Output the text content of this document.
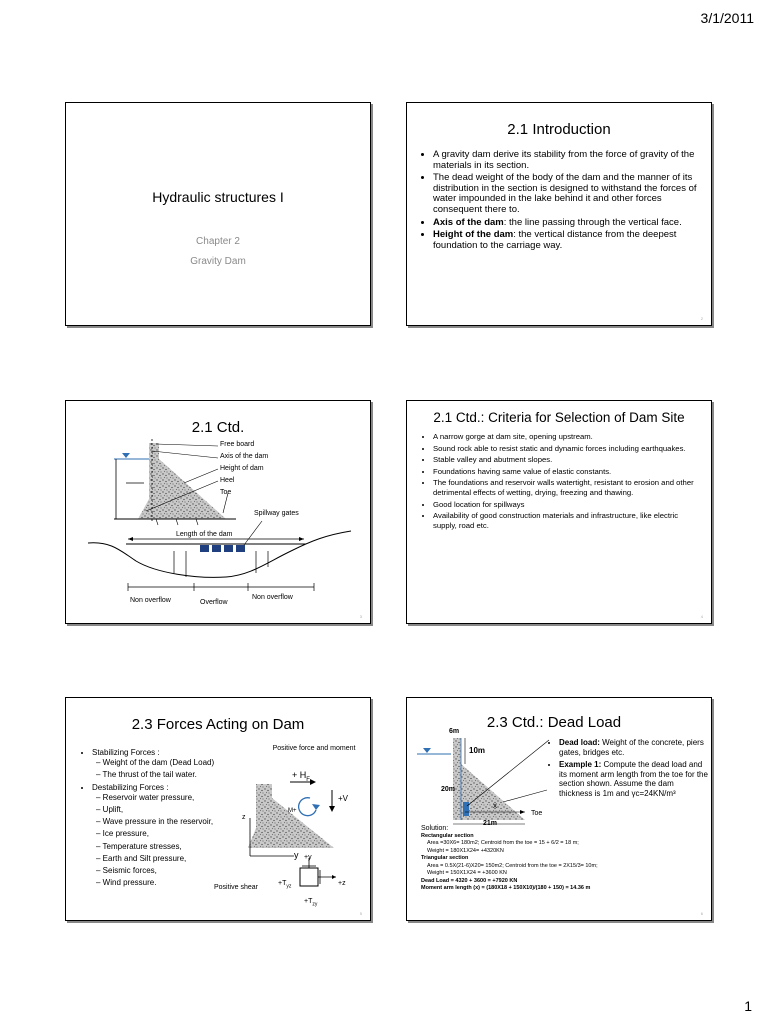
3/1/2011
Hydraulic structures I
Chapter 2
Gravity Dam
2.1 Introduction
• A gravity dam derive its stability from the force of gravity of the materials in its section.
• The dead weight of the body of the dam and the manner of its distribution in the section is designed to withstand the forces of water impounded in the lake behind it and other forces consequent there to.
• Axis of the dam: the line passing through the vertical face.
• Height of the dam: the vertical distance from the deepest foundation to the carriage way.
2
2.1 Ctd.
Free board
Axis of the dam
Height of dam
Heel
Toe
Spillway gates
Length of the dam
Non overflow	Overflow
Non overflow
3
2.1 Ctd.: Criteria for Selection of Dam Site
• A narrow gorge at dam site, opening upstream.
• Sound rock able to resist static and dynamic forces including earthquakes.
• Stable valley and abutment slopes.
• Foundations having same value of elastic constants.
• The foundations and reservoir walls watertight, resistant to erosion and other detrimental effects of wetting, drying, freezing and thawing.
• Good location for spillways
• Availability of good construction materials and infrastructure, like electric supply, road etc.
4
2.3 Forces Acting on Dam
• Stabilizing Forces :
– Weight of the dam (Dead Load)
– The thrust of the tail water.
• Destabilizing Forces :
– Reservoir water pressure,
– Uplift,
– Wave pressure in the reservoir,
– Ice pressure,
– Temperature stresses,
– Earth and Silt pressure,
– Seismic forces,
– Wind pressure.
Positive force and moment
+ $H_F$
M+
+V
z
y +y
+z
$+T_{yz}$
$+T_{zy}$
Positive shear
5
2.3 Ctd.: Dead Load
6m
10m
20m
x
Toe
21m
• Dead load: Weight of the concrete, piers gates, bridges etc.
• Example 1: Compute the dead load and its moment arm length from the toe for the section shown. Assume the dam thickness is 1m and γc=24KN/m³
Solution:
Rectangular section
Area =30X6= 180m2; Centroid from the toe = 15 + 6/2 = 18 m;
Weight = 180X1X24= +4320KN
Triangular section
Area = 0.5X(21-6)X20= 150m2; Centroid from the toe = 2X15/3= 10m;
Weight = 150X1X24 = +3600 KN
Dead Load = 4320 + 3600 = +7920 KN
Moment arm length (x) = (180X18 + 150X10)/(180 + 150) = 14.36 m
6
1
